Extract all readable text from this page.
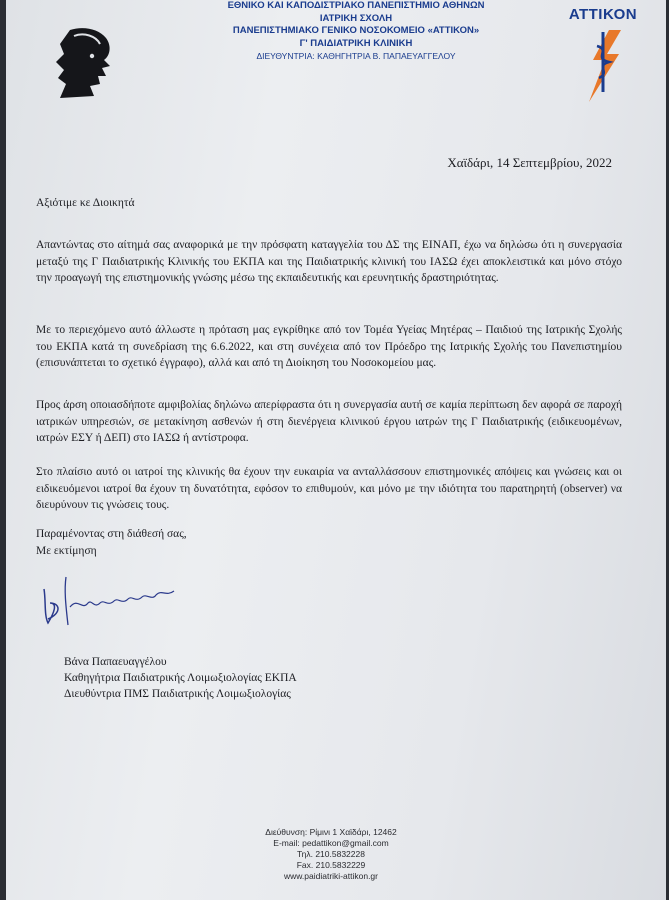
ΕΘΝΙΚΟ ΚΑΙ ΚΑΠΟΔΙΣΤΡΙΑΚΟ ΠΑΝΕΠΙΣΤΗΜΙΟ ΑΘΗΝΩΝ
ΙΑΤΡΙΚΗ ΣΧΟΛΗ
ΠΑΝΕΠΙΣΤΗΜΙΑΚΟ ΓΕΝΙΚΟ ΝΟΣΟΚΟΜΕΙΟ «ΑΤΤΙΚΟΝ»
Γ' ΠΑΙΔΙΑΤΡΙΚΗ ΚΛΙΝΙΚΗ
ΔΙΕΥΘΥΝΤΡΙΑ: ΚΑΘΗΓΗΤΡΙΑ Β. ΠΑΠΑΕΥΑΓΓΕΛΟΥ
ΑΤΤΙΚΟΝ
Χαϊδάρι, 14 Σεπτεμβρίου, 2022
Αξιότιμε κε Διοικητά
Απαντώντας στο αίτημά σας αναφορικά με την πρόσφατη καταγγελία του ΔΣ της ΕΙΝΑΠ, έχω να δηλώσω ότι η συνεργασία μεταξύ της Γ Παιδιατρικής Κλινικής του ΕΚΠΑ και της Παιδιατρικής κλινική του ΙΑΣΩ έχει αποκλειστικά και μόνο στόχο την προαγωγή της επιστημονικής γνώσης μέσω της εκπαιδευτικής και ερευνητικής δραστηριότητας.
Με το περιεχόμενο αυτό άλλωστε η πρόταση μας εγκρίθηκε από τον Τομέα Υγείας Μητέρας – Παιδιού της Ιατρικής Σχολής του ΕΚΠΑ κατά τη συνεδρίαση της 6.6.2022, και στη συνέχεια από τον Πρόεδρο της Ιατρικής Σχολής του Πανεπιστημίου (επισυνάπτεται το σχετικό έγγραφο), αλλά και από τη Διοίκηση του Νοσοκομείου μας.
Προς άρση οποιασδήποτε αμφιβολίας δηλώνω απερίφραστα ότι η συνεργασία αυτή σε καμία περίπτωση δεν αφορά σε παροχή ιατρικών υπηρεσιών, σε μετακίνηση ασθενών ή στη διενέργεια κλινικού έργου ιατρών της Γ Παιδιατρικής (ειδικευομένων, ιατρών ΕΣΥ ή ΔΕΠ) στο ΙΑΣΩ ή αντίστροφα.
Στο πλαίσιο αυτό οι ιατροί της κλινικής θα έχουν την ευκαιρία να ανταλλάσσουν επιστημονικές απόψεις και γνώσεις και οι ειδικευόμενοι ιατροί θα έχουν τη δυνατότητα, εφόσον το επιθυμούν, και μόνο με την ιδιότητα του παρατηρητή (observer) να διευρύνουν τις γνώσεις τους.
Παραμένοντας στη διάθεσή σας,
Με εκτίμηση
Βάνα Παπαευαγγέλου
Καθηγήτρια Παιδιατρικής Λοιμωξιολογίας ΕΚΠΑ
Διευθύντρια ΠΜΣ Παιδιατρικής Λοιμωξιολογίας
Διεύθυνση: Ρίμινι 1 Χαϊδάρι, 12462
E-mail: pedattikon@gmail.com
Τηλ. 210.5832228
Fax. 210.5832229
www.paidiatriki-attikon.gr
